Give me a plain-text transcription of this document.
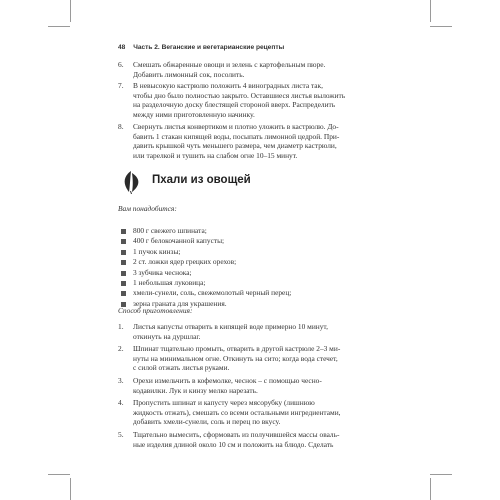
48 Часть 2. Веганские и вегетарианские рецепты
6. Смешать обжаренные овощи и зелень с картофельным пюре.
Добавить лимонный сок, посолить.
7. В невысокую кастрюлю положить 4 виноградных листа так,
чтобы дно было полностью закрыто. Оставшиеся листья выложить
на разделочную доску блестящей стороной вверх. Распределить
между ними приготовленную начинку.
8. Свернуть листья конвертиком и плотно уложить в кастрюлю. До-
бавить 1 стакан кипящей воды, посыпать лимонной цедрой. При-
давить крышкой чуть меньшего размера, чем диаметр кастрюли,
или тарелкой и тушить на слабом огне 10–15 минут.
Пхали из овощей
Вам понадобится:
800 г свежего шпината;
400 г белокочанной капусты;
1 пучок кинзы;
2 ст. ложки ядер грецких орехов;
3 зубчика чеснока;
1 небольшая луковица;
хмели-сунели, соль, свежемолотый черный перец;
зерна граната для украшения.
Способ приготовления:
1. Листья капусты отварить в кипящей воде примерно 10 минут,
откинуть на дуршлаг.
2. Шпинат тщательно промыть, отварить в другой кастрюле 2–3 ми-
нуты на минимальном огне. Откинуть на сито; когда вода стечет,
с силой отжать листья руками.
3. Орехи измельчить в кофемолке, чеснок – с помощью чесно-
кодавилки. Лук и кинзу мелко нарезать.
4. Пропустить шпинат и капусту через мясорубку (лишнюю
жидкость отжать), смешать со всеми остальными ингредиентами,
добавить хмели-сунели, соль и перец по вкусу.
5. Тщательно вымесить, сформовать из получившейся массы оваль-
ные изделия длиной около 10 см и положить на блюдо. Сделать
